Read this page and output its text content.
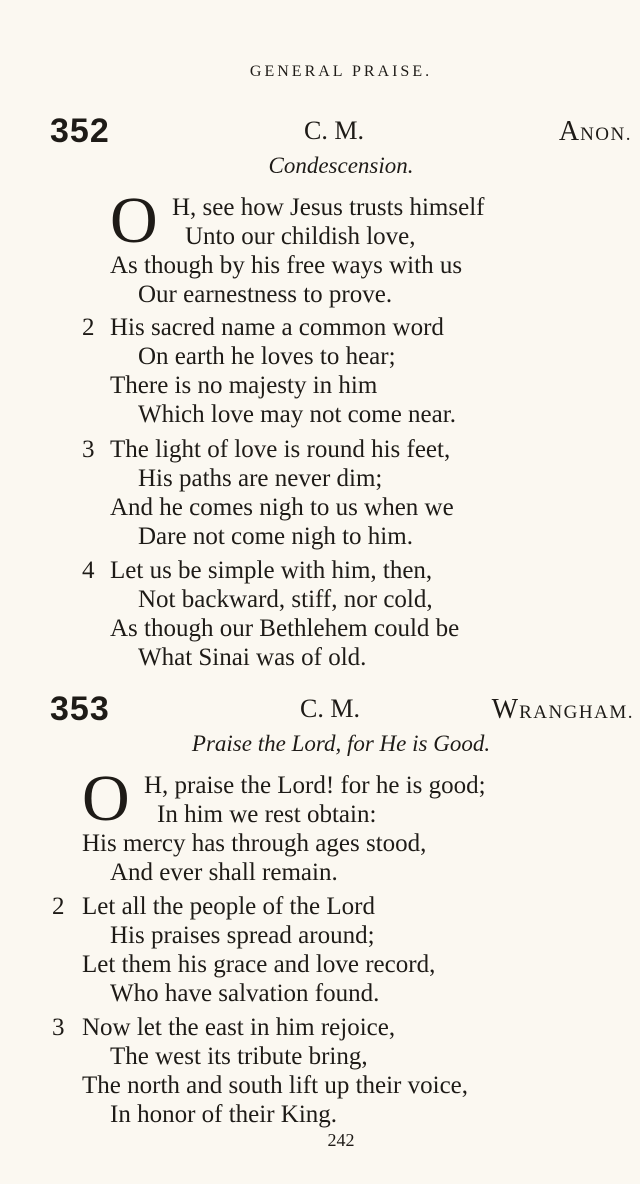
GENERAL PRAISE.
352	C. M.	ANON.
Condescension.
O H, see how Jesus trusts himself
Unto our childish love,
As though by his free ways with us
Our earnestness to prove.
2 His sacred name a common word
On earth he loves to hear;
There is no majesty in him
Which love may not come near.
3 The light of love is round his feet,
His paths are never dim;
And he comes nigh to us when we
Dare not come nigh to him.
4 Let us be simple with him, then,
Not backward, stiff, nor cold,
As though our Bethlehem could be
What Sinai was of old.
353	C. M.	WRANGHAM.
Praise the Lord, for He is Good.
O H, praise the Lord! for he is good;
In him we rest obtain:
His mercy has through ages stood,
And ever shall remain.
2 Let all the people of the Lord
His praises spread around;
Let them his grace and love record,
Who have salvation found.
3 Now let the east in him rejoice,
The west its tribute bring,
The north and south lift up their voice,
In honor of their King.
242
